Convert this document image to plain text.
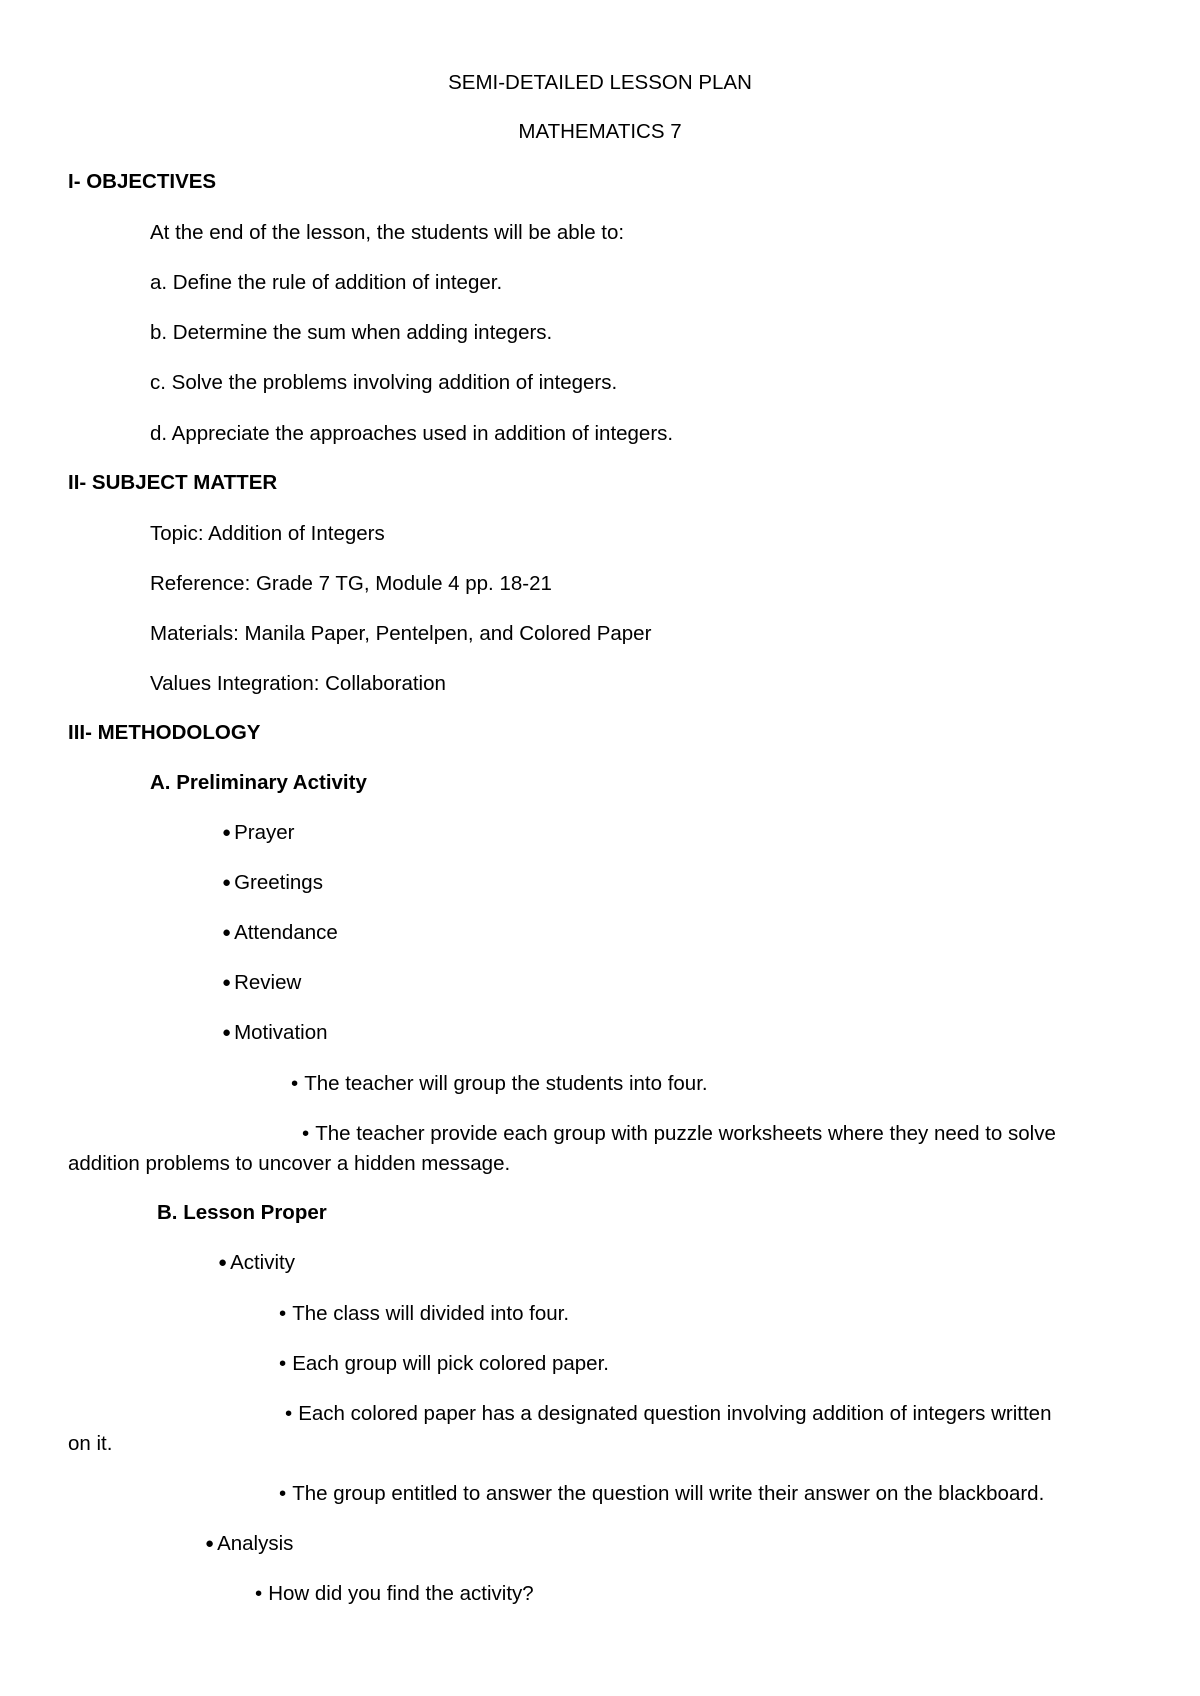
SEMI-DETAILED LESSON PLAN

MATHEMATICS 7

I- OBJECTIVES

At the end of the lesson, the students will be able to:

a. Define the rule of addition of integer.

b. Determine the sum when adding integers.

c. Solve the problems involving addition of integers.

d. Appreciate the approaches used in addition of integers.

II- SUBJECT MATTER

Topic: Addition of Integers

Reference: Grade 7 TG, Module 4 pp. 18-21

Materials: Manila Paper, Pentelpen, and Colored Paper

Values Integration: Collaboration

III- METHODOLOGY

A. Preliminary Activity

● Prayer

● Greetings

● Attendance

● Review

● Motivation

• The teacher will group the students into four.

• The teacher provide each group with puzzle worksheets where they need to solve

addition problems to uncover a hidden message.

B. Lesson Proper

● Activity

• The class will divided into four.

• Each group will pick colored paper.

• Each colored paper has a designated question involving addition of integers written

on it.

• The group entitled to answer the question will write their answer on the blackboard.

● Analysis

• How did you find the activity?
